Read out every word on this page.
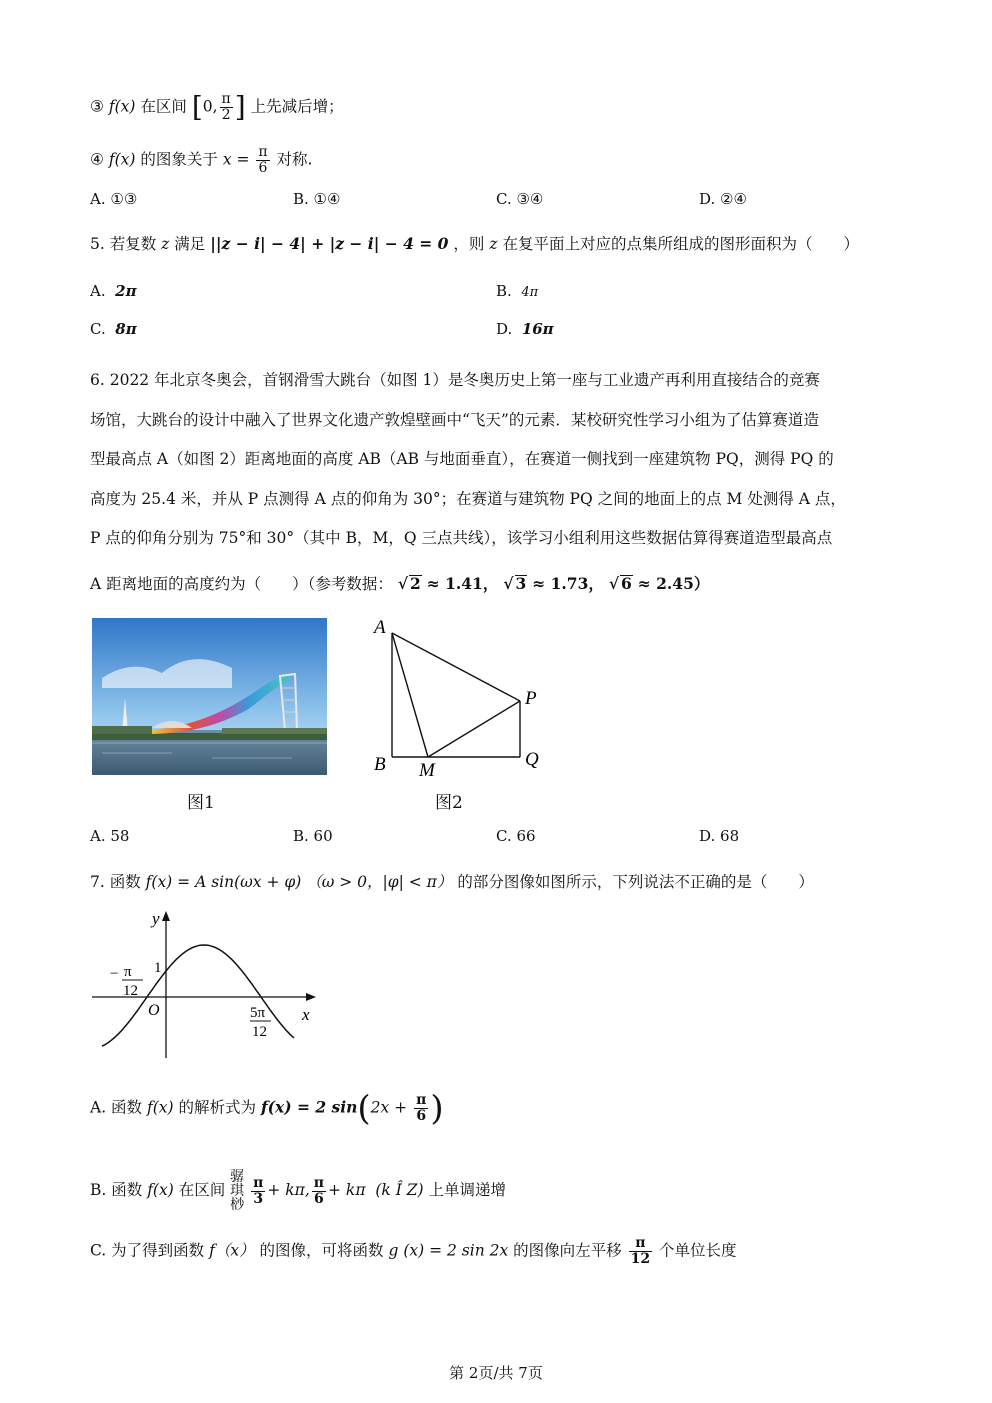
③ f(x) 在区间 [0, $\frac{\pi}{2}$ ] 上先减后增；
④ f(x) 的图象关于 $x = \frac{\pi}{6}$ 对称.
A. ①③	B. ①④	C. ③④	D. ②④
5. 若复数 z 满足 ||z − i| − 4| + |z − i| − 4 = 0 ，则 z 在复平面上对应的点集所组成的图形面积为（　　）
A. 2π	B. 4π
C. 8π	D. 16π
6. 2022 年北京冬奥会，首钢滑雪大跳台（如图 1）是冬奥历史上第一座与工业遗产再利用直接结合的竞赛
场馆，大跳台的设计中融入了世界文化遗产敦煌壁画中“飞天”的元素．某校研究性学习小组为了估算赛道造
型最高点 A（如图 2）距离地面的高度 AB（AB 与地面垂直），在赛道一侧找到一座建筑物 PQ，测得 PQ 的
高度为 25.4 米，并从 P 点测得 A 点的仰角为 30°；在赛道与建筑物 PQ 之间的地面上的点 M 处测得 A 点，
P 点的仰角分别为 75°和 30°（其中 B，M，Q 三点共线），该学习小组利用这些数据估算得赛道造型最高点
A 距离地面的高度约为（　　）（参考数据： √ 2 ≈ 1.41， √ 3 ≈ 1.73， √ 6 ≈ 2.45）
A
B M
P
Q
图1	图2
A. 58	B. 60	C. 66	D. 68
7. 函数 f(x) = A sin(ωx + φ) （ω > 0，|φ| < π） 的部分图像如图所示，下列说法不正确的是（　　）
y
x
O
1
− π
12
5π
12
A. 函数 f(x) 的解析式为 f(x) = 2 $\sin(2x + \frac{\pi}{6}$ )
B. 函数 f(x) 在区间 骣
琪
桫 $\frac{\pi}{3} + k\pi$, $\frac{\pi}{6} + k\pi$ (k Î Z) 上单调递增
C. 为了得到函数 f（x） 的图像，可将函数 g (x) = 2 sin 2x 的图像向左平移 $\frac{\pi}{12}$ 个单位长度
第 2页/共 7页
